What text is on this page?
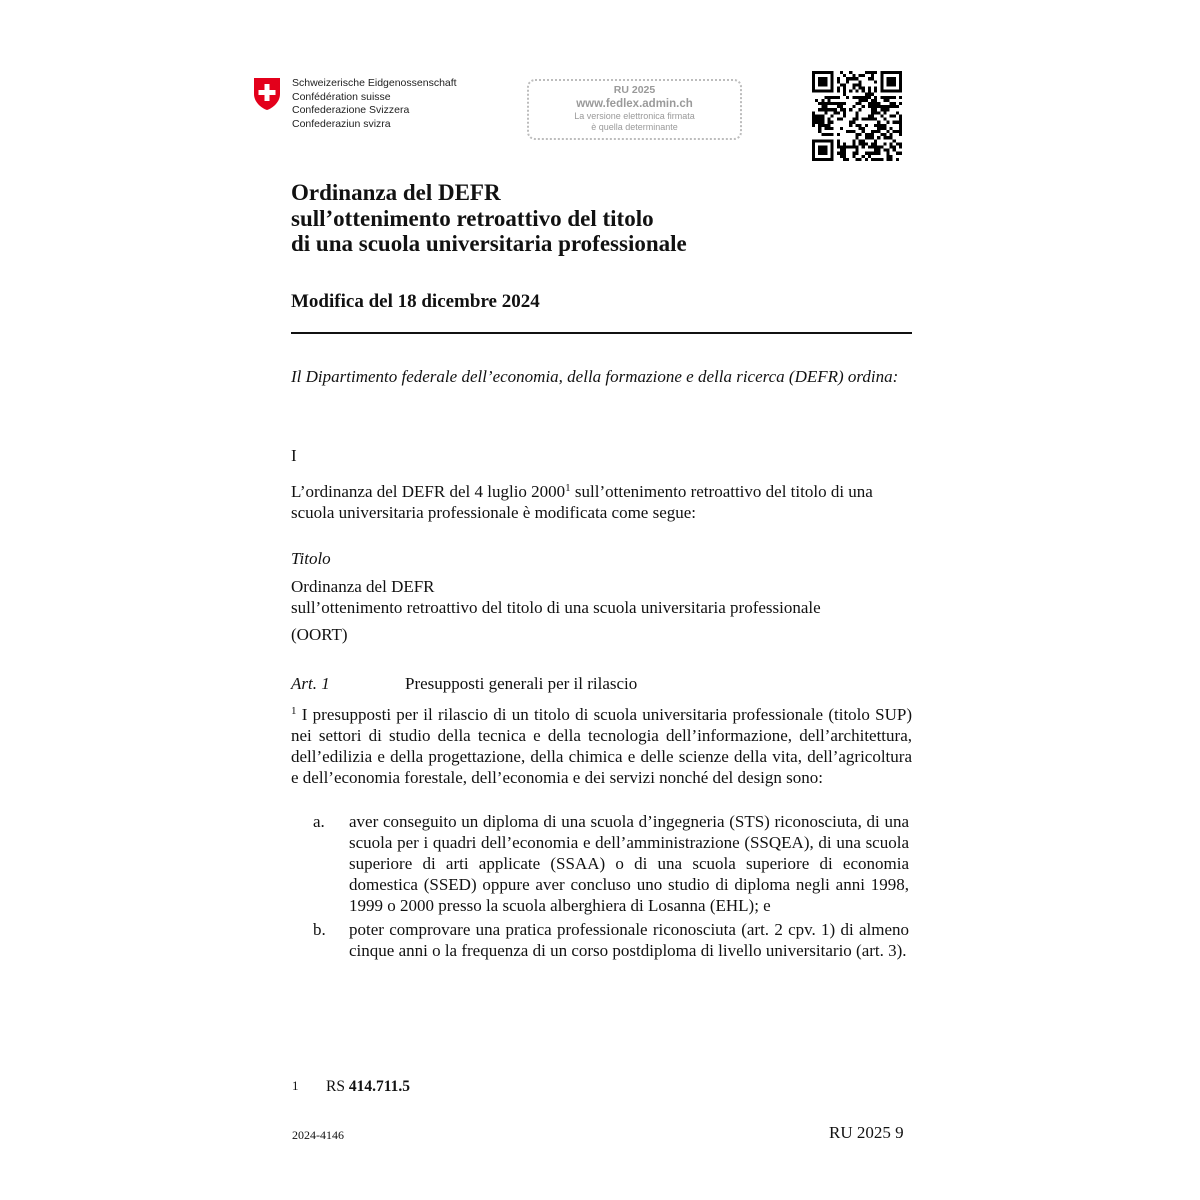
Schweizerische Eidgenossenschaft
Confédération suisse
Confederazione Svizzera
Confederaziun svizra
RU 2025
www.fedlex.admin.ch
La versione elettronica firmata
è quella determinante
Ordinanza del DEFR
sull’ottenimento retroattivo del titolo
di una scuola universitaria professionale
Modifica del 18 dicembre 2024
Il Dipartimento federale dell’economia, della formazione e della ricerca (DEFR) ordina:
I
L’ordinanza del DEFR del 4 luglio 2000$^1$ sull’ottenimento retroattivo del titolo di una scuola universitaria professionale è modificata come segue:
Titolo
Ordinanza del DEFR
sull’ottenimento retroattivo del titolo di una scuola universitaria professionale
(OORT)
Art. 1	Presupposti generali per il rilascio
$^1$ I presupposti per il rilascio di un titolo di scuola universitaria professionale (titolo SUP) nei settori di studio della tecnica e della tecnologia dell’informazione, dell’architettura, dell’edilizia e della progettazione, della chimica e delle scienze della vita, dell’agricoltura e dell’economia forestale, dell’economia e dei servizi nonché del design sono:
a. aver conseguito un diploma di una scuola d’ingegneria (STS) riconosciuta, di una scuola per i quadri dell’economia e dell’amministrazione (SSQEA), di una scuola superiore di arti applicate (SSAA) o di una scuola superiore di economia domestica (SSED) oppure aver concluso uno studio di diploma negli anni 1998, 1999 o 2000 presso la scuola alberghiera di Losanna (EHL); e
b. poter comprovare una pratica professionale riconosciuta (art. 2 cpv. 1) di almeno cinque anni o la frequenza di un corso postdiploma di livello universitario (art. 3).
1 RS 414.711.5
2024-4146	RU 2025 9
